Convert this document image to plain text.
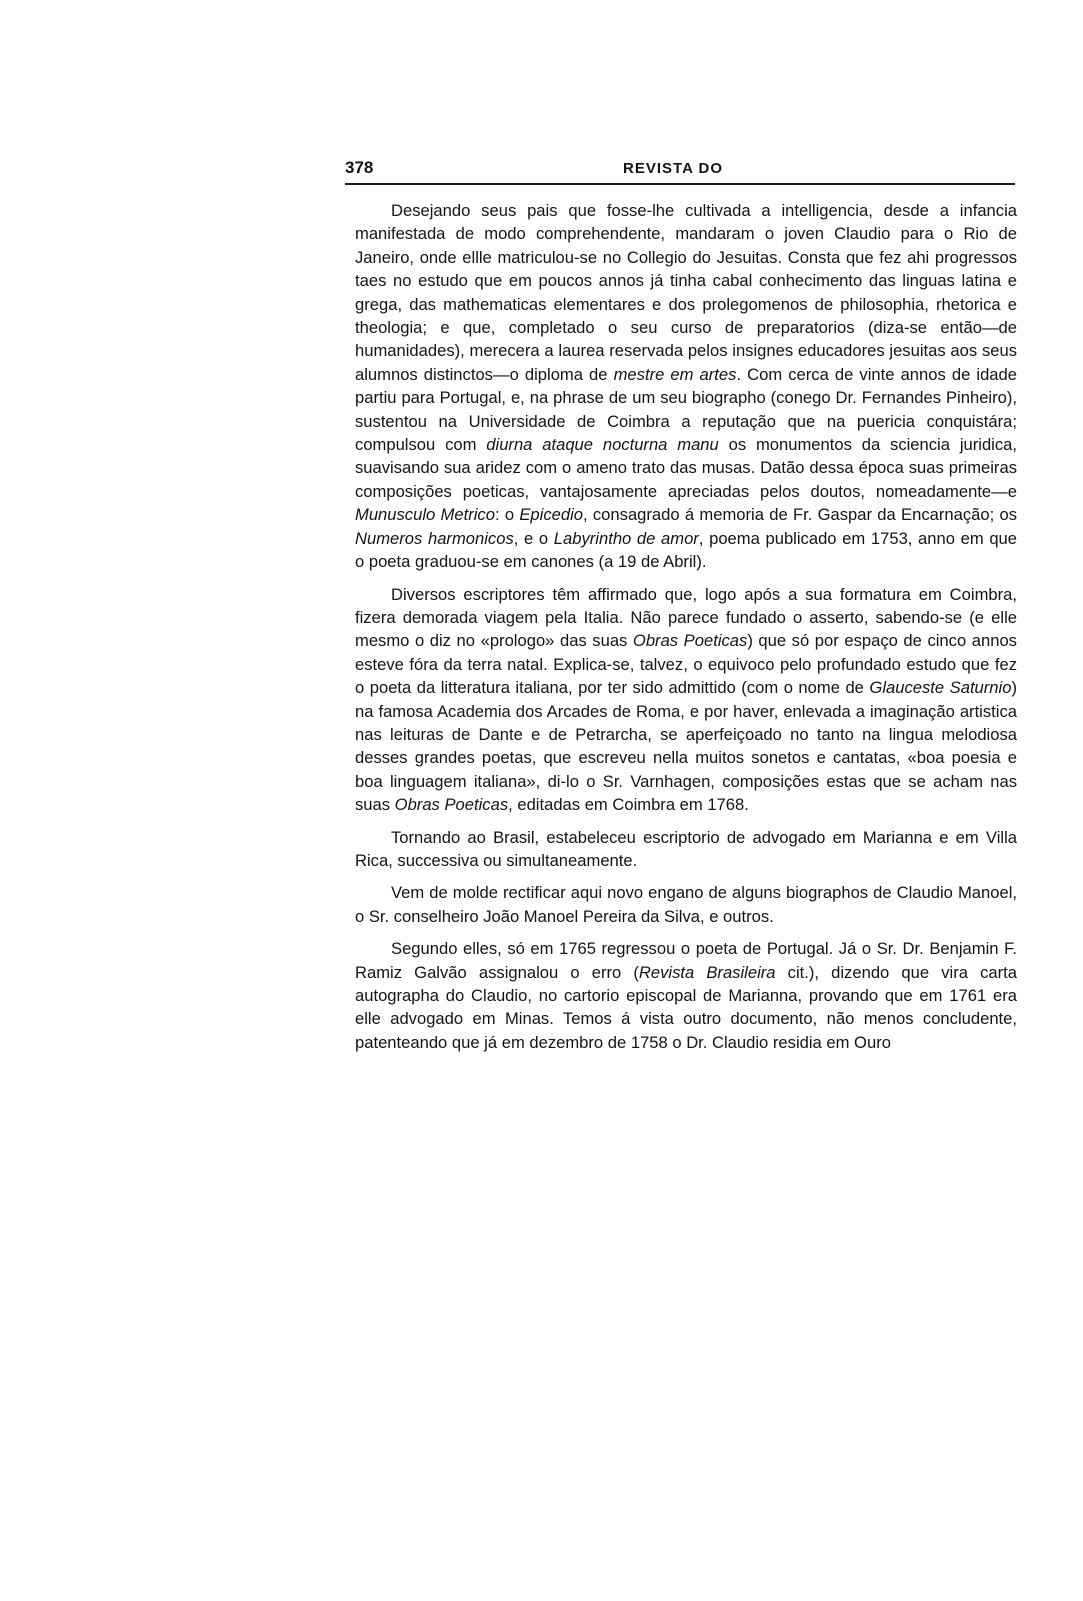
378	REVISTA DO

Desejando seus pais que fosse-lhe cultivada a intelligencia, desde a infancia manifestada de modo comprehendente, mandaram o joven Claudio para o Rio de Janeiro, onde ellle matriculou-se no Collegio do Jesuitas. Consta que fez ahi progressos taes no estudo que em poucos annos já tinha cabal conhecimento das linguas latina e grega, das mathematicas elementares e dos prolegomenos de philosophia, rhetorica e theologia; e que, completado o seu curso de preparatorios (diza-se então—de humanidades), merecera a laurea reservada pelos insignes educadores jesuitas aos seus alumnos distinctos—o diploma de mestre em artes. Com cerca de vinte annos de idade partiu para Portugal, e, na phrase de um seu biographo (conego Dr. Fernandes Pinheiro), sustentou na Universidade de Coimbra a reputação que na puericia conquistára; compulsou com diurna ataque nocturna manu os monumentos da sciencia juridica, suavisando sua aridez com o ameno trato das musas. Datão dessa época suas primeiras composições poeticas, vantajosamente apreciadas pelos doutos, nomeadamente—e Munusculo Metrico: o Epicedio, consagrado á memoria de Fr. Gaspar da Encarnação; os Numeros harmonicos, e o Labyrintho de amor, poema publicado em 1753, anno em que o poeta graduou-se em canones (a 19 de Abril).

Diversos escriptores têm affirmado que, logo após a sua formatura em Coimbra, fizera demorada viagem pela Italia. Não parece fundado o asserto, sabendo-se (e elle mesmo o diz no «prologo» das suas Obras Poeticas) que só por espaço de cinco annos esteve fóra da terra natal. Explica-se, talvez, o equivoco pelo profundado estudo que fez o poeta da litteratura italiana, por ter sido admittido (com o nome de Glauceste Saturnio) na famosa Academia dos Arcades de Roma, e por haver, enlevada a imaginação artistica nas leituras de Dante e de Petrarcha, se aperfeiçoado no tanto na lingua melodiosa desses grandes poetas, que escreveu nella muitos sonetos e cantatas, «boa poesia e boa linguagem italiana», di-lo o Sr. Varnhagen, composições estas que se acham nas suas Obras Poeticas, editadas em Coimbra em 1768.

Tornando ao Brasil, estabeleceu escriptorio de advogado em Marianna e em Villa Rica, successiva ou simultaneamente.

Vem de molde rectificar aqui novo engano de alguns biographos de Claudio Manoel, o Sr. conselheiro João Manoel Pereira da Silva, e outros.

Segundo elles, só em 1765 regressou o poeta de Portugal. Já o Sr. Dr. Benjamin F. Ramiz Galvão assignalou o erro (Revista Brasileira cit.), dizendo que vira carta autographa do Claudio, no cartorio episcopal de Marianna, provando que em 1761 era elle advogado em Minas. Temos á vista outro documento, não menos concludente, patenteando que já em dezembro de 1758 o Dr. Claudio residia em Ouro
